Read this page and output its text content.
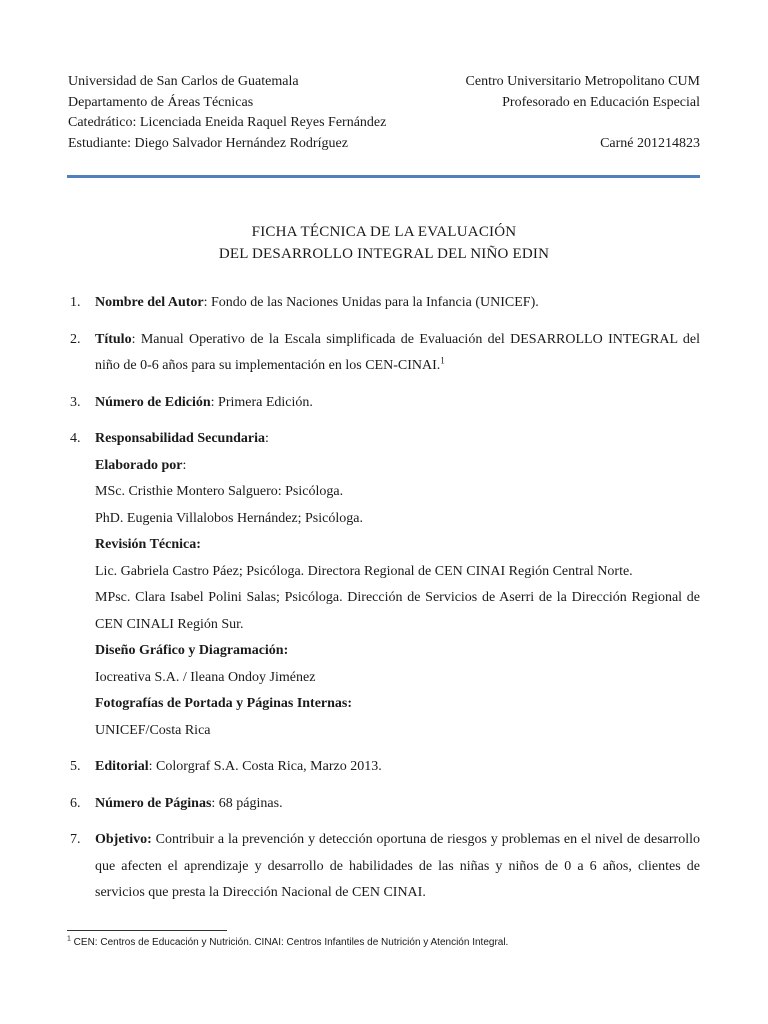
Universidad de San Carlos de Guatemala	Centro Universitario Metropolitano CUM
Departamento de Áreas Técnicas	Profesorado en Educación Especial
Catedrático: Licenciada Eneida Raquel Reyes Fernández
Estudiante: Diego Salvador Hernández Rodríguez	Carné 201214823
FICHA TÉCNICA DE LA EVALUACIÓN
DEL DESARROLLO INTEGRAL DEL NIÑO EDIN
1. Nombre del Autor: Fondo de las Naciones Unidas para la Infancia (UNICEF).
2. Título: Manual Operativo de la Escala simplificada de Evaluación del DESARROLLO INTEGRAL del niño de 0-6 años para su implementación en los CEN-CINAI.$^1$
3. Número de Edición: Primera Edición.
4. Responsabilidad Secundaria:
Elaborado por:
MSc. Cristhie Montero Salguero: Psicóloga.
PhD. Eugenia Villalobos Hernández; Psicóloga.
Revisión Técnica:
Lic. Gabriela Castro Páez; Psicóloga. Directora Regional de CEN CINAI Región Central Norte.
MPsc. Clara Isabel Polini Salas; Psicóloga. Dirección de Servicios de Aserri de la Dirección Regional de CEN CINALI Región Sur.
Diseño Gráfico y Diagramación:
Iocreativa S.A. / Ileana Ondoy Jiménez
Fotografías de Portada y Páginas Internas:
UNICEF/Costa Rica
5. Editorial: Colorgraf S.A. Costa Rica, Marzo 2013.
6. Número de Páginas: 68 páginas.
7. Objetivo: Contribuir a la prevención y detección oportuna de riesgos y problemas en el nivel de desarrollo que afecten el aprendizaje y desarrollo de habilidades de las niñas y niños de 0 a 6 años, clientes de servicios que presta la Dirección Nacional de CEN CINAI.
$^1$ CEN: Centros de Educación y Nutrición. CINAI: Centros Infantiles de Nutrición y Atención Integral.
